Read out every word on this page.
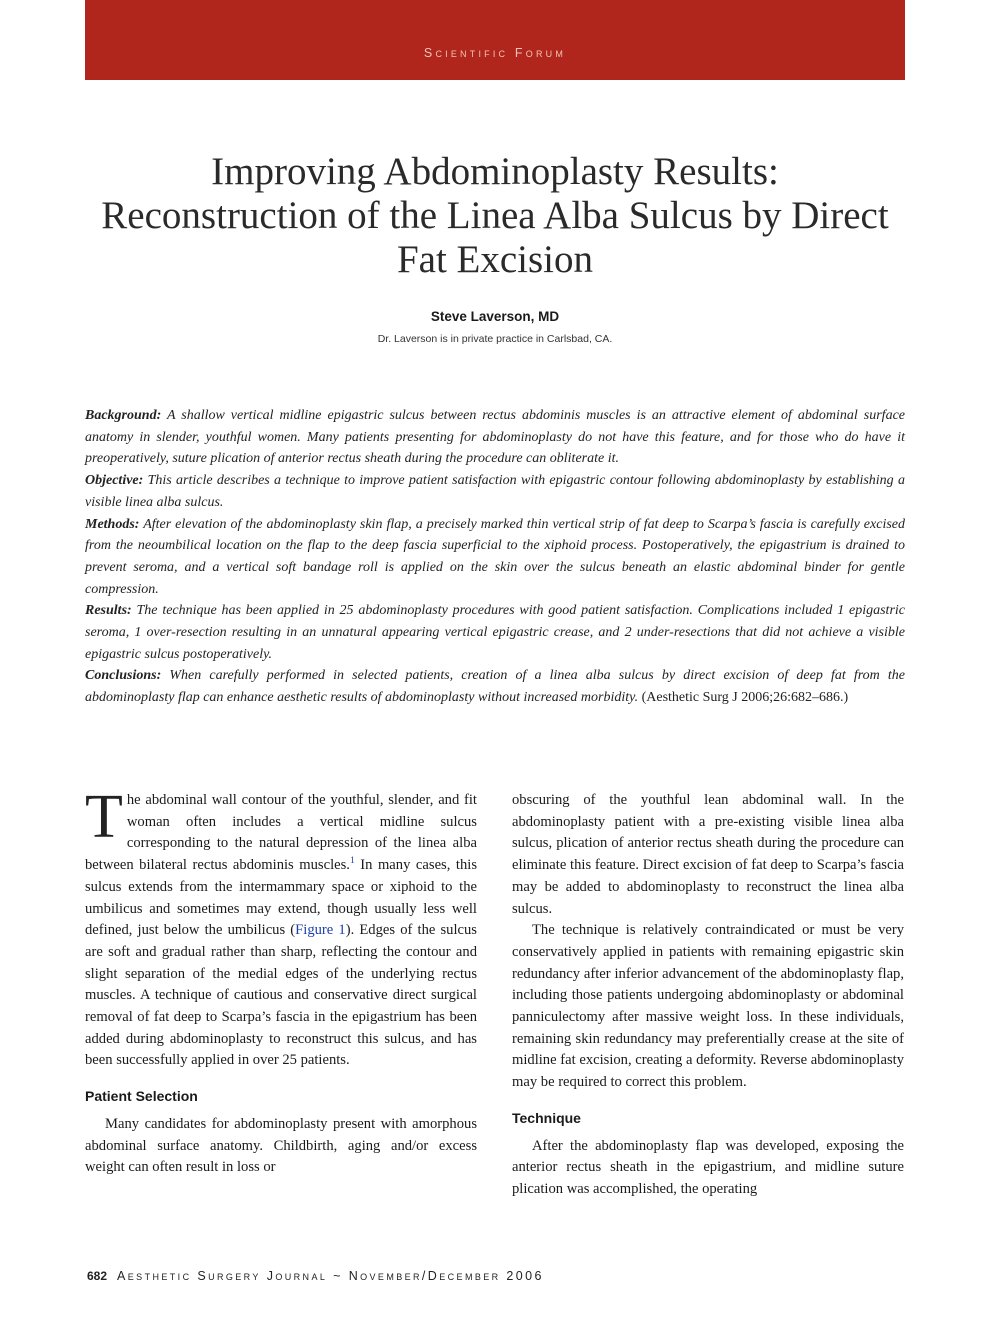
Scientific Forum
Improving Abdominoplasty Results:
Reconstruction of the Linea Alba Sulcus by Direct
Fat Excision
Steve Laverson, MD
Dr. Laverson is in private practice in Carlsbad, CA.

Background: A shallow vertical midline epigastric sulcus between rectus abdominis muscles is an attractive element of abdominal surface anatomy in slender, youthful women. Many patients presenting for abdominoplasty do not have this feature, and for those who do have it preoperatively, suture plication of anterior rectus sheath during the procedure can obliterate it.

Objective: This article describes a technique to improve patient satisfaction with epigastric contour following abdominoplasty by establishing a visible linea alba sulcus.

Methods: After elevation of the abdominoplasty skin flap, a precisely marked thin vertical strip of fat deep to Scarpa’s fascia is carefully excised from the neoumbilical location on the flap to the deep fascia superficial to the xiphoid process. Postoperatively, the epigastrium is drained to prevent seroma, and a vertical soft bandage roll is applied on the skin over the sulcus beneath an elastic abdominal binder for gentle compression.

Results: The technique has been applied in 25 abdominoplasty procedures with good patient satisfaction. Complications included 1 epigastric seroma, 1 over-resection resulting in an unnatural appearing vertical epigastric crease, and 2 under-resections that did not achieve a visible epigastric sulcus postoperatively.

Conclusions: When carefully performed in selected patients, creation of a linea alba sulcus by direct excision of deep fat from the abdominoplasty flap can enhance aesthetic results of abdominoplasty without increased morbidity. (Aesthetic Surg J 2006;26:682–686.)

The abdominal wall contour of the youthful, slender, and fit woman often includes a vertical midline sulcus corresponding to the natural depression of the linea alba between bilateral rectus abdominis muscles.$^1$ In many cases, this sulcus extends from the intermammary space or xiphoid to the umbilicus and sometimes may extend, though usually less well defined, just below the umbilicus (Figure 1). Edges of the sulcus are soft and gradual rather than sharp, reflecting the contour and slight separation of the medial edges of the underlying rectus muscles. A technique of cautious and conservative direct surgical removal of fat deep to Scarpa’s fascia in the epigastrium has been added during abdominoplasty to reconstruct this sulcus, and has been successfully applied in over 25 patients.

Patient Selection

Many candidates for abdominoplasty present with amorphous abdominal surface anatomy. Childbirth, aging and/or excess weight can often result in loss or

obscuring of the youthful lean abdominal wall. In the abdominoplasty patient with a pre-existing visible linea alba sulcus, plication of anterior rectus sheath during the procedure can eliminate this feature. Direct excision of fat deep to Scarpa’s fascia may be added to abdominoplasty to reconstruct the linea alba sulcus.

The technique is relatively contraindicated or must be very conservatively applied in patients with remaining epigastric skin redundancy after inferior advancement of the abdominoplasty flap, including those patients undergoing abdominoplasty or abdominal panniculectomy after massive weight loss. In these individuals, remaining skin redundancy may preferentially crease at the site of midline fat excision, creating a deformity. Reverse abdominoplasty may be required to correct this problem.

Technique

After the abdominoplasty flap was developed, exposing the anterior rectus sheath in the epigastrium, and midline suture plication was accomplished, the operating

682 Aesthetic Surgery Journal ~ November/December 2006
